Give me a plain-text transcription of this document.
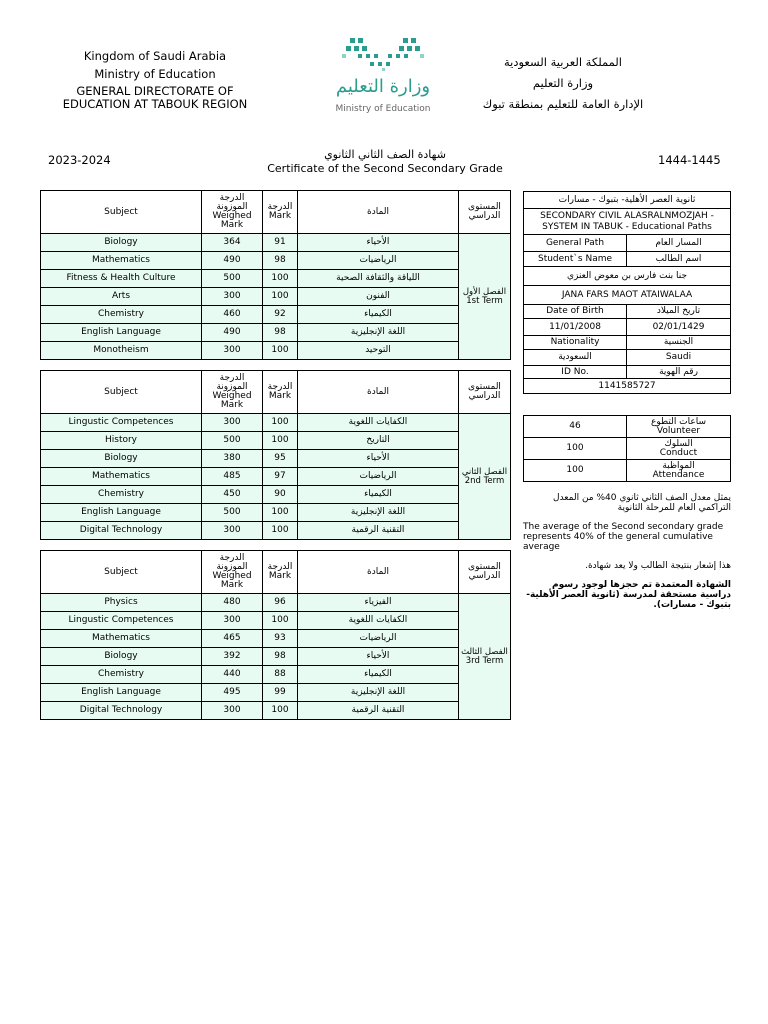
Kingdom of Saudi Arabia
Ministry of Education
GENERAL DIRECTORATE OF
EDUCATION AT TABOUK REGION
وزارة التعليم
Ministry of Education
المملكة العربية السعودية
وزارة التعليم
الإدارة العامة للتعليم بمنطقة تبوك
2023-2024	شهادة الصف الثاني الثانوي
Certificate of the Second Secondary Grade
1444-1445
Subject	الدرجة الموزونة Weighed Mark	الدرجة Mark	المادة	المستوى الدراسي
Biology	364	91	الأحياء	الفصل الأول 1st Term
Mathematics	490	98	الرياضيات	
Fitness & Health Culture	500	100	اللياقة والثقافة الصحية	
Arts	300	100	الفنون	
Chemistry	460	92	الكيمياء	
English Language	490	98	اللغة الإنجليزية	
Monotheism	300	100	التوحيد	
Subject	الدرجة الموزونة Weighed Mark	الدرجة Mark	المادة	المستوى الدراسي
Lingustic Competences	300	100	الكفايات اللغوية	الفصل الثاني 2nd Term
History	500	100	التاريخ	
Biology	380	95	الأحياء	
Mathematics	485	97	الرياضيات	
Chemistry	450	90	الكيمياء	
English Language	500	100	اللغة الإنجليزية	
Digital Technology	300	100	التقنية الرقمية	
Subject	الدرجة الموزونة Weighed Mark	الدرجة Mark	المادة	المستوى الدراسي
Physics	480	96	الفيزياء	الفصل الثالث 3rd Term
Lingustic Competences	300	100	الكفايات اللغوية	
Mathematics	465	93	الرياضيات	
Biology	392	98	الأحياء	
Chemistry	440	88	الكيمياء	
English Language	495	99	اللغة الإنجليزية	
Digital Technology	300	100	التقنية الرقمية	
ثانوية العصر الأهلية- بتبوك - مسارات	
SECONDARY CIVIL ALASRALNMOZJAH - SYSTEM IN TABUK - Educational Paths	
General Path	المسار العام
Student`s Name	اسم الطالب
جنا بنت فارس بن معوض العنزي	
JANA FARS MAOT ATAIWALAA	
Date of Birth	تاريخ الميلاد
11/01/2008	02/01/1429
Nationality	الجنسية
السعودية	Saudi
ID No.	رقم الهوية
1141585727	
46	ساعات التطوع
Volunteer

100	السلوك
Conduct

100	المواظبة
Attendance
يمثل معدل الصف الثاني ثانوي 40% من المعدل التراكمي العام للمرحلة الثانوية
The average of the Second secondary grade represents 40% of the general cumulative average
هذا إشعار بنتيجة الطالب ولا يعد شهادة.
الشهادة المعتمدة تم حجزها لوجود رسوم دراسية مستحقة لمدرسة (ثانوية العصر الأهلية- بتبوك - مسارات).
